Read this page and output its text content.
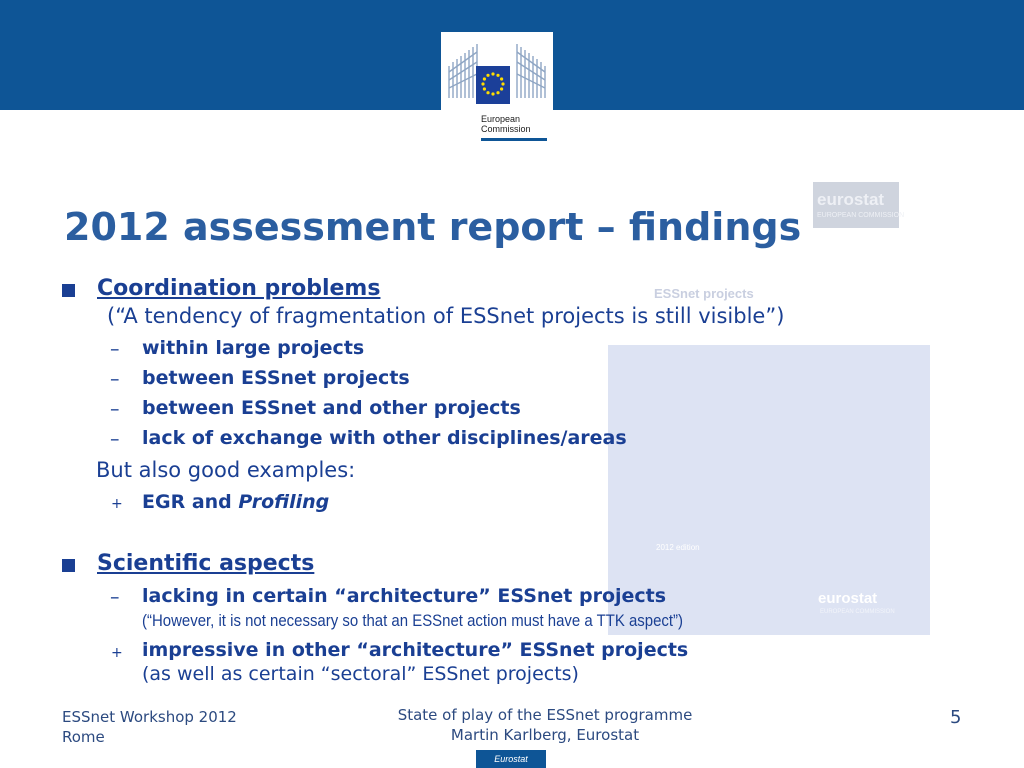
European
Commission
eurostat
EUROPEAN COMMISSION
ESSnet projects
2012 edition
eurostat
EUROPEAN COMMISSION
2012 assessment report – findings
Coordination problems
(“A tendency of fragmentation of ESSnet projects is still visible”)
– within large projects
– between ESSnet projects
– between ESSnet and other projects
– lack of exchange with other disciplines/areas
But also good examples:
+ EGR and Profiling
Scientific aspects
– lacking in certain “architecture” ESSnet projects
(“However, it is not necessary so that an ESSnet action must have a TTK aspect”)
+ impressive in other “architecture” ESSnet projects
(as well as certain “sectoral” ESSnet projects)
ESSnet Workshop 2012
Rome
State of play of the ESSnet programme
Martin Karlberg, Eurostat
5
Eurostat
